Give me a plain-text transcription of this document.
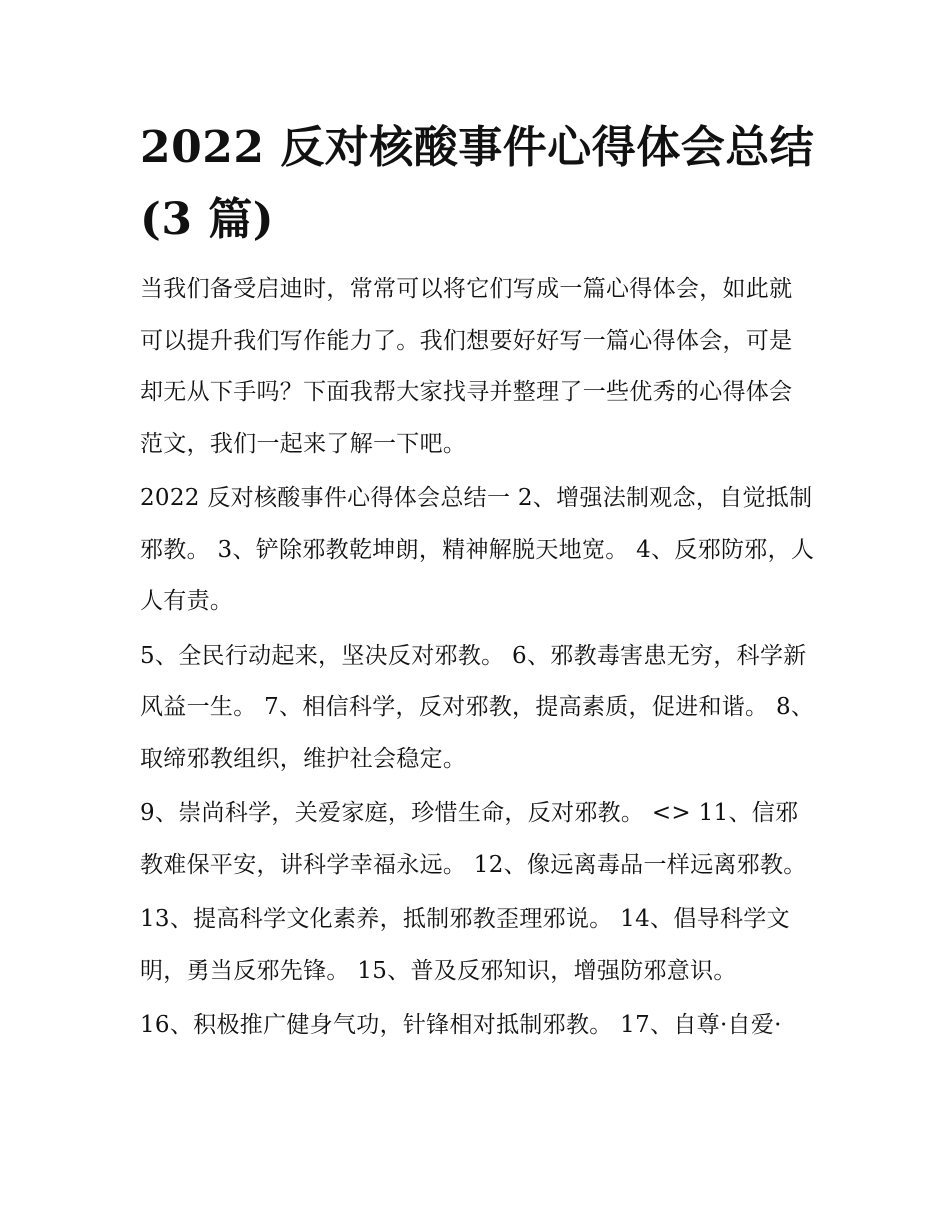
2022 反对核酸事件心得体会总结(3 篇)

当我们备受启迪时，常常可以将它们写成一篇心得体会，如此就可以提升我们写作能力了。我们想要好好写一篇心得体会，可是却无从下手吗？下面我帮大家找寻并整理了一些优秀的心得体会范文，我们一起来了解一下吧。

2022 反对核酸事件心得体会总结一 2、增强法制观念，自觉抵制邪教。 3、铲除邪教乾坤朗，精神解脱天地宽。 4、反邪防邪，人人有责。

5、全民行动起来，坚决反对邪教。 6、邪教毒害患无穷，科学新风益一生。 7、相信科学，反对邪教，提高素质，促进和谐。 8、取缔邪教组织，维护社会稳定。

9、崇尚科学，关爱家庭，珍惜生命，反对邪教。 <> 11、信邪教难保平安，讲科学幸福永远。 12、像远离毒品一样远离邪教。

13、提高科学文化素养，抵制邪教歪理邪说。 14、倡导科学文明，勇当反邪先锋。 15、普及反邪知识，增强防邪意识。

16、积极推广健身气功，针锋相对抵制邪教。 17、自尊·自爱·
